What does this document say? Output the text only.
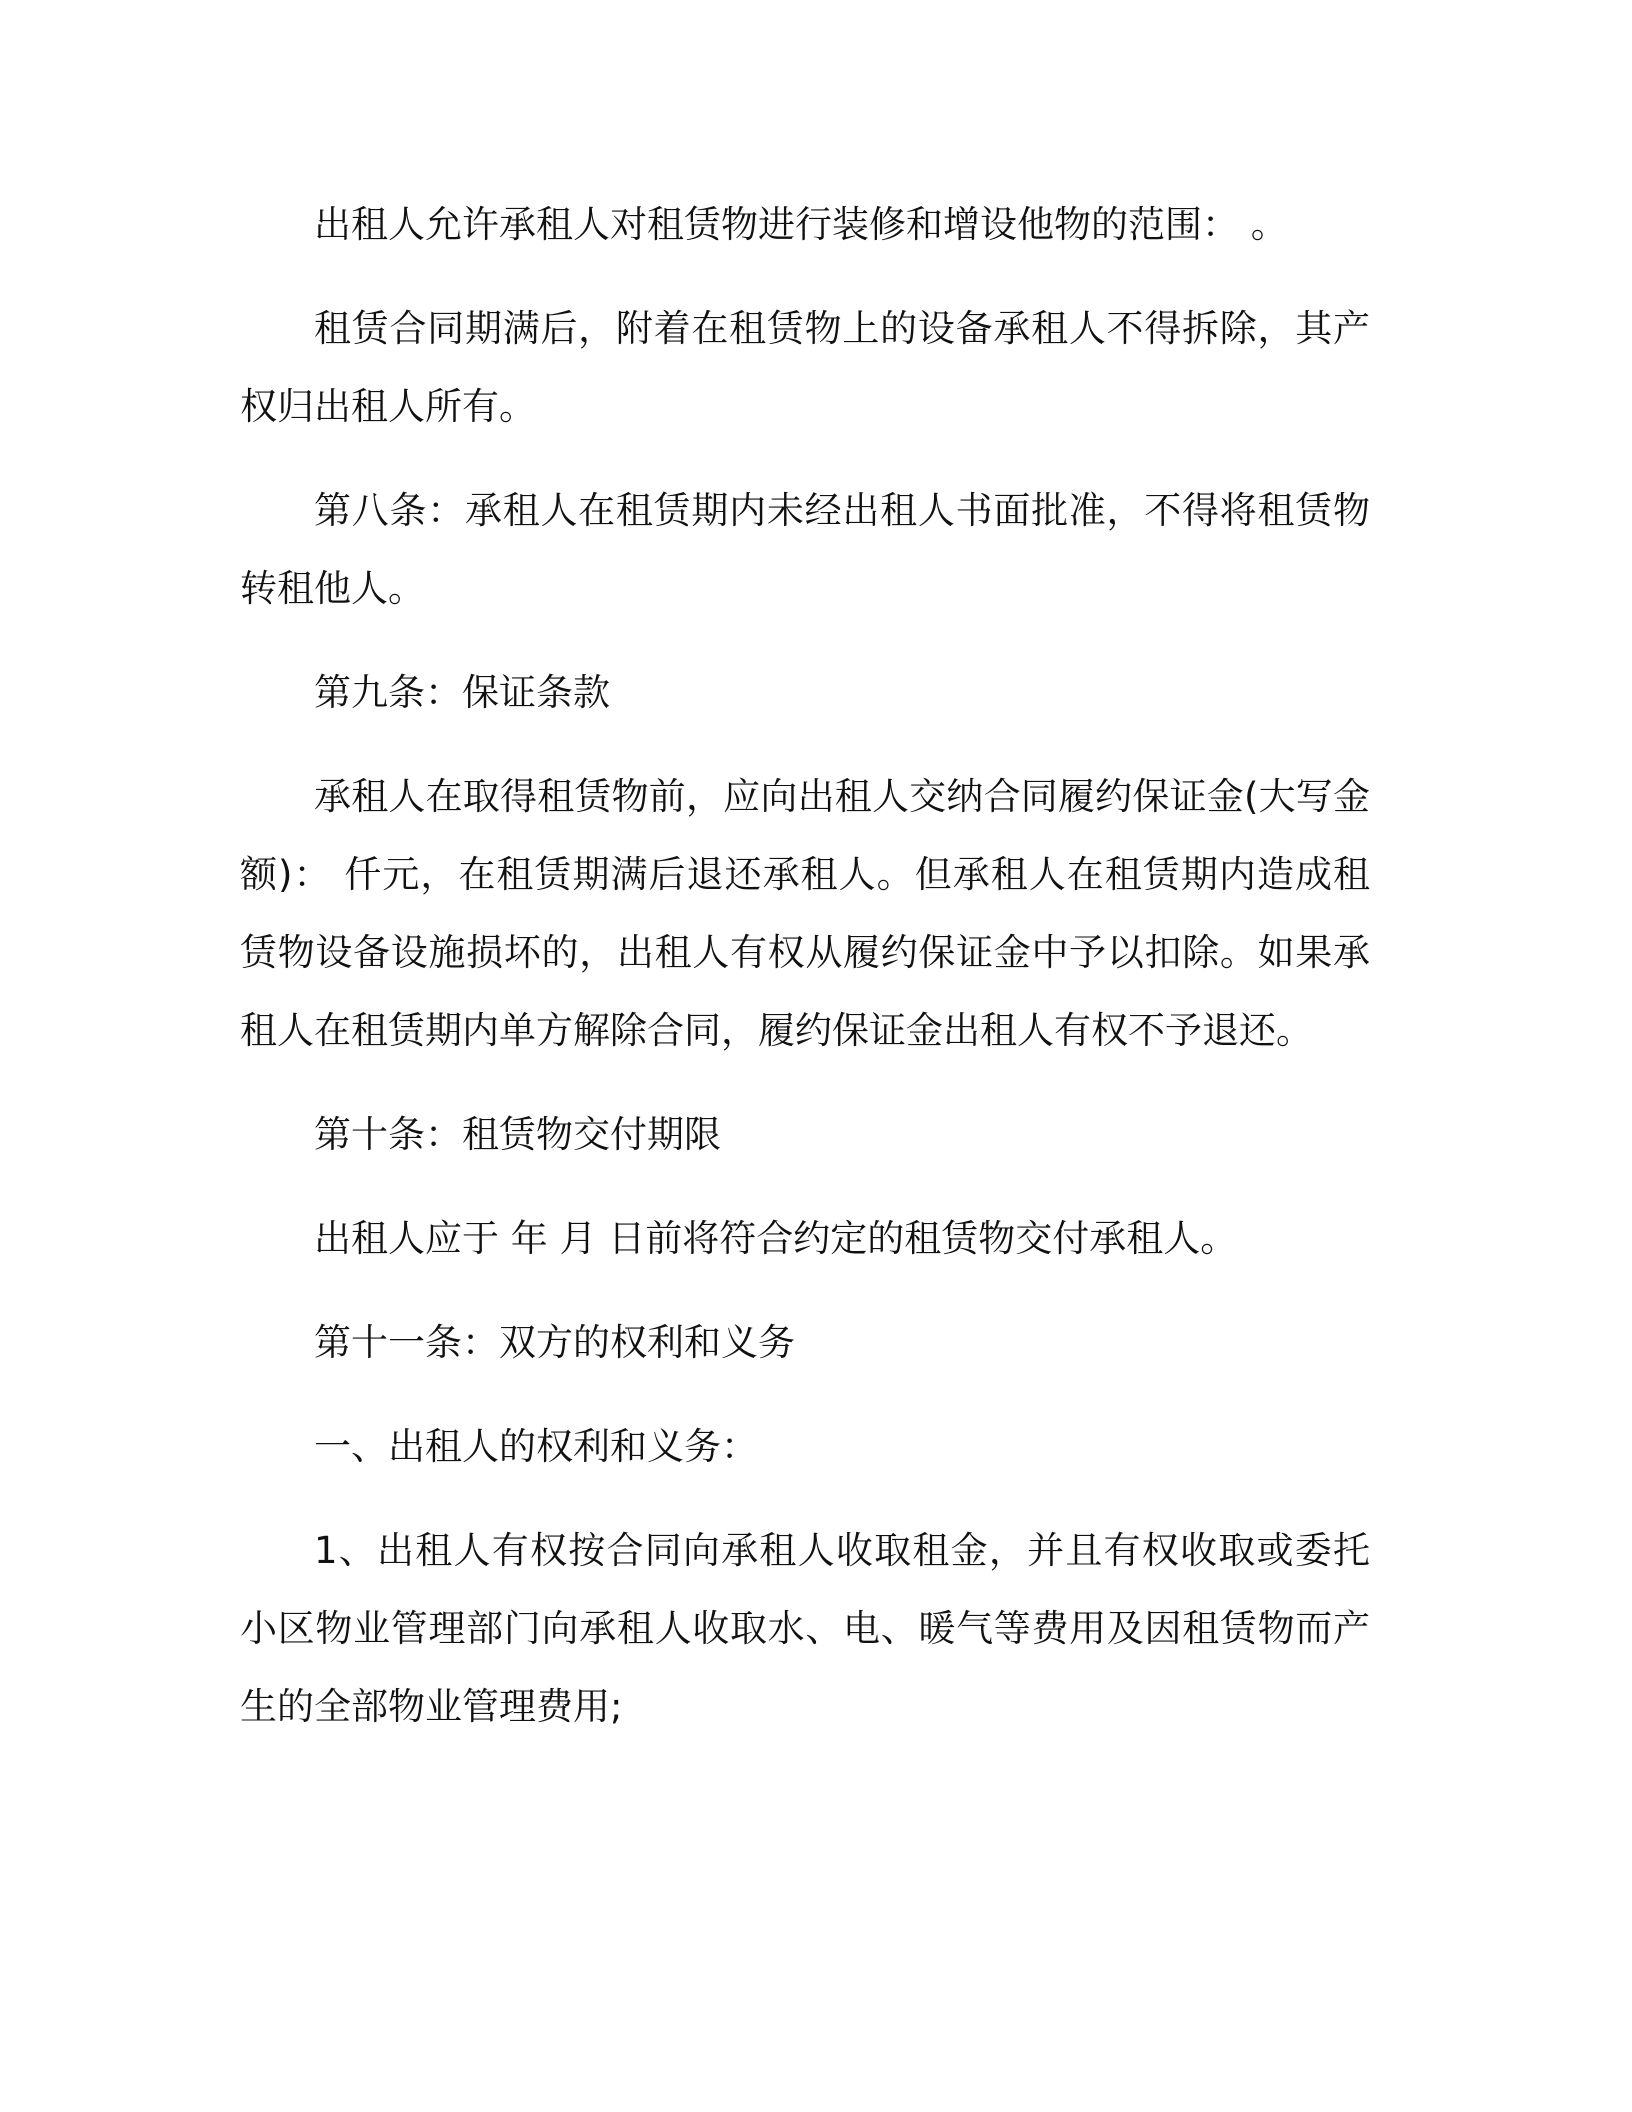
出租人允许承租人对租赁物进行装修和增设他物的范围： 。

租赁合同期满后，附着在租赁物上的设备承租人不得拆除，其产权归出租人所有。

第八条：承租人在租赁期内未经出租人书面批准，不得将租赁物转租他人。

第九条：保证条款

承租人在取得租赁物前，应向出租人交纳合同履约保证金(大写金额)： 仟元，在租赁期满后退还承租人。但承租人在租赁期内造成租赁物设备设施损坏的，出租人有权从履约保证金中予以扣除。如果承租人在租赁期内单方解除合同，履约保证金出租人有权不予退还。

第十条：租赁物交付期限

出租人应于 年 月 日前将符合约定的租赁物交付承租人。

第十一条：双方的权利和义务

一、出租人的权利和义务：

1、出租人有权按合同向承租人收取租金，并且有权收取或委托小区物业管理部门向承租人收取水、电、暖气等费用及因租赁物而产生的全部物业管理费用;
